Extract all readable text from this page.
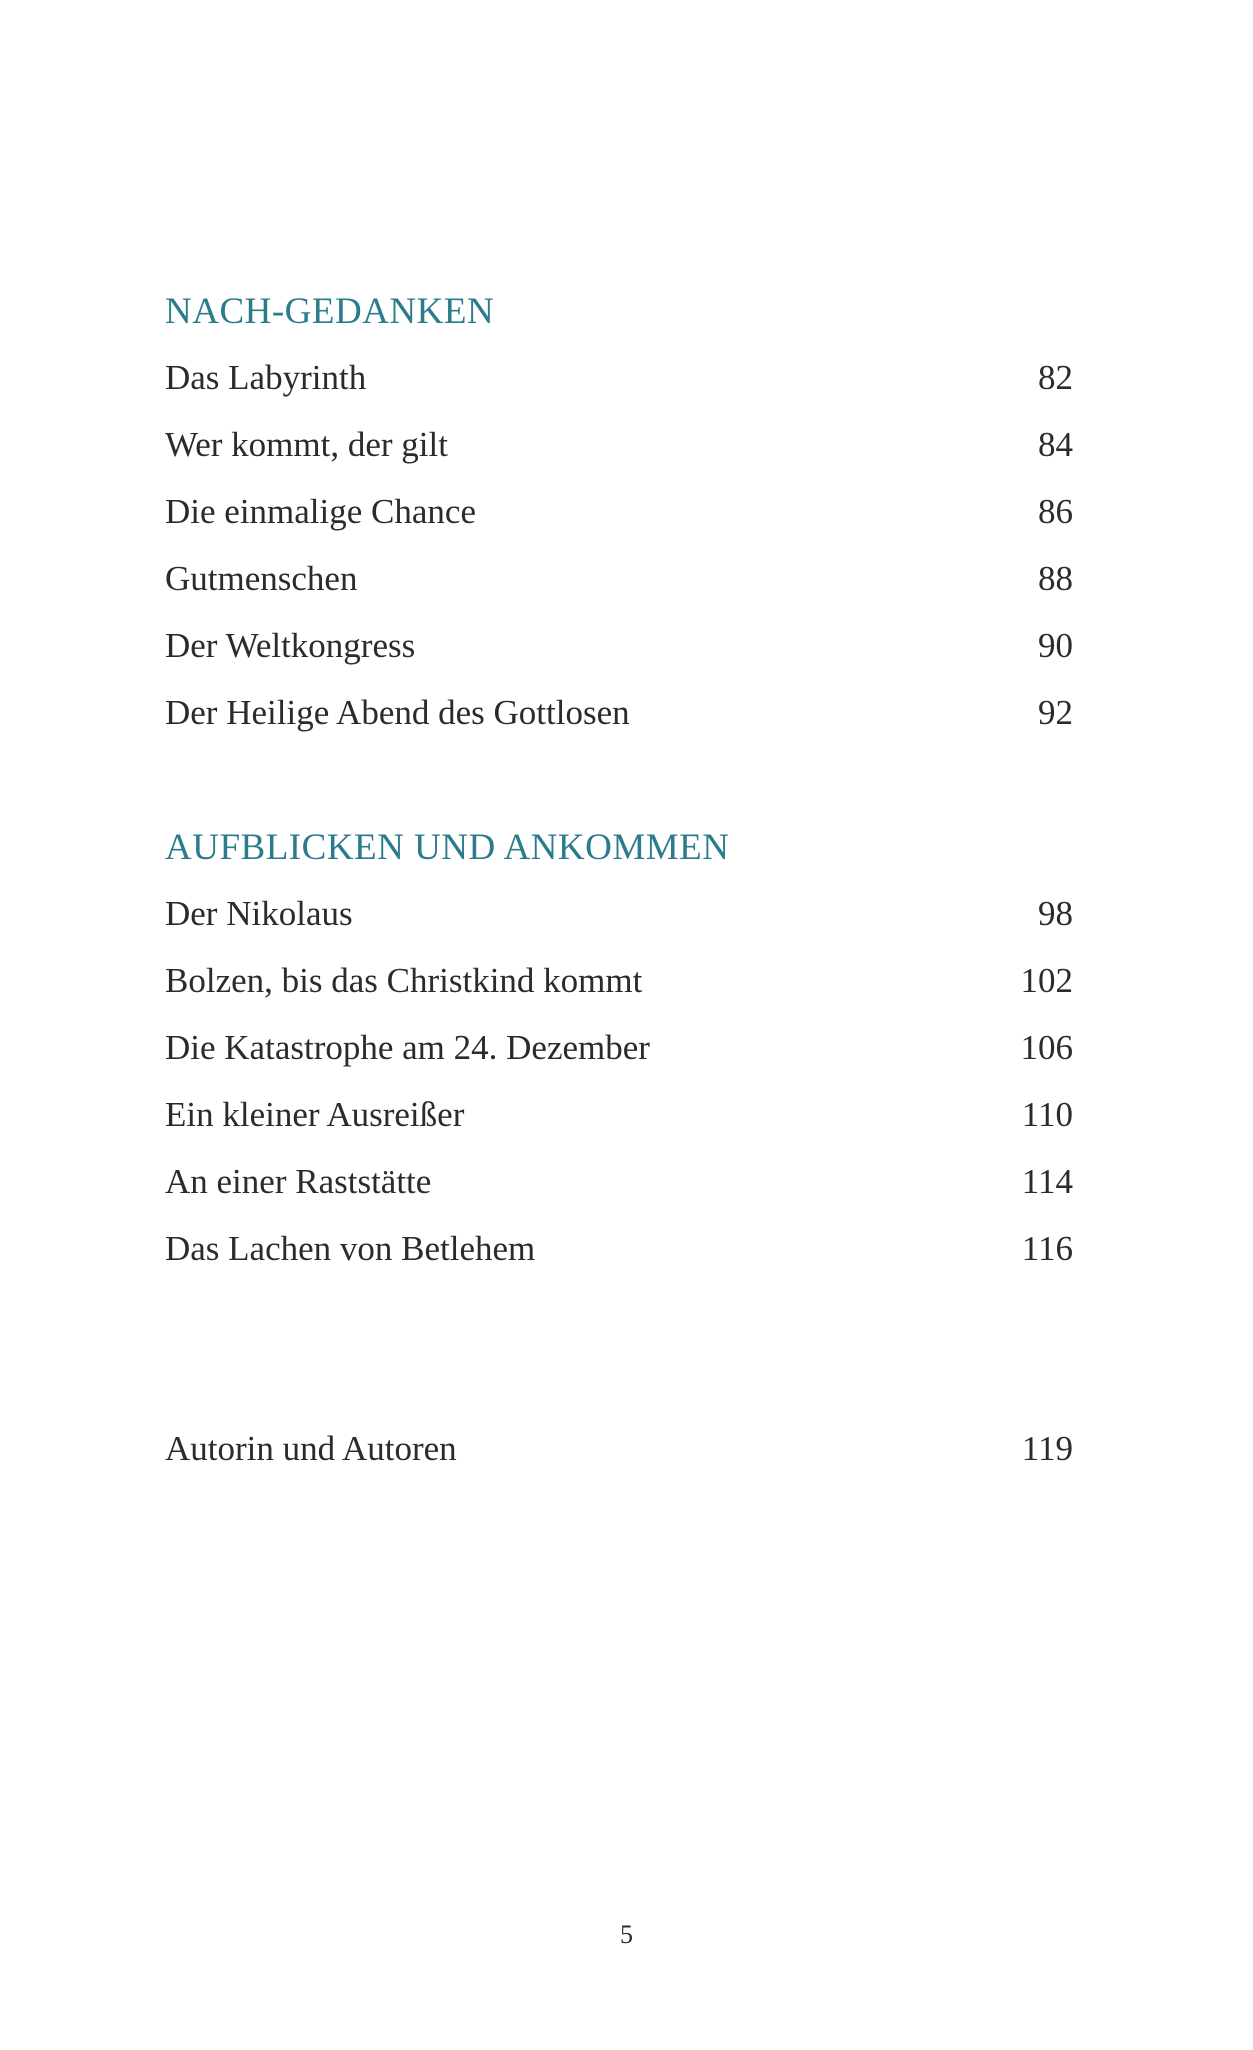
NACH-GEDANKEN
Das Labyrinth	82
Wer kommt, der gilt	84
Die einmalige Chance	86
Gutmenschen	88
Der Weltkongress	90
Der Heilige Abend des Gottlosen	92
AUFBLICKEN UND ANKOMMEN
Der Nikolaus	98
Bolzen, bis das Christkind kommt	102
Die Katastrophe am 24. Dezember	106
Ein kleiner Ausreißer	110
An einer Raststätte	114
Das Lachen von Betlehem	116
Autorin und Autoren	119
5
